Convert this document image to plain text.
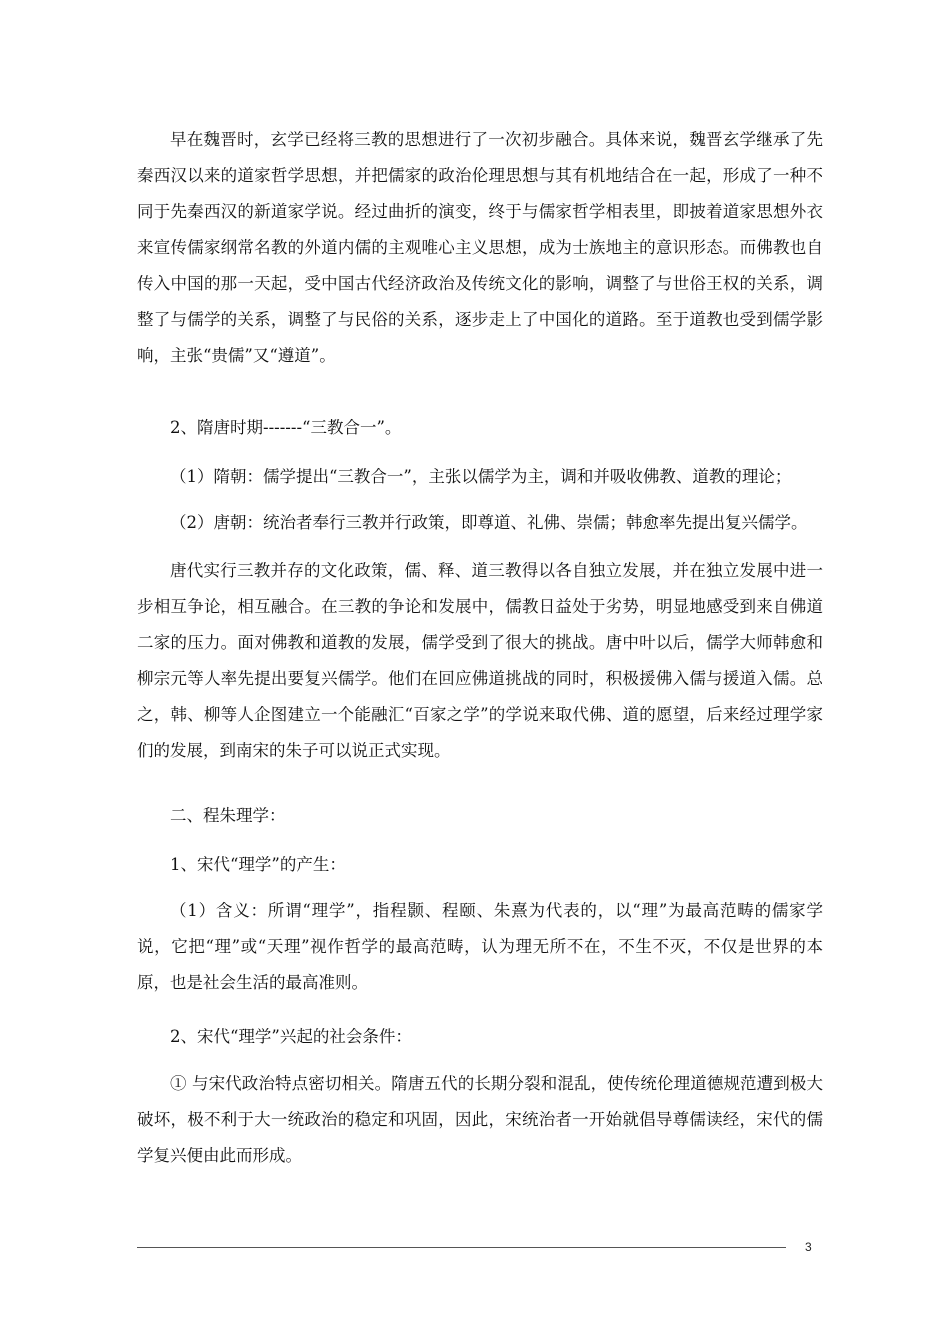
早在魏晋时，玄学已经将三教的思想进行了一次初步融合。具体来说，魏晋玄学继承了先秦西汉以来的道家哲学思想，并把儒家的政治伦理思想与其有机地结合在一起，形成了一种不同于先秦西汉的新道家学说。经过曲折的演变，终于与儒家哲学相表里，即披着道家思想外衣来宣传儒家纲常名教的外道内儒的主观唯心主义思想，成为士族地主的意识形态。而佛教也自传入中国的那一天起，受中国古代经济政治及传统文化的影响，调整了与世俗王权的关系，调整了与儒学的关系，调整了与民俗的关系，逐步走上了中国化的道路。至于道教也受到儒学影响，主张“贵儒”又“遵道”。

2、隋唐时期-------“三教合一”。

（1）隋朝：儒学提出“三教合一”，主张以儒学为主，调和并吸收佛教、道教的理论；

（2）唐朝：统治者奉行三教并行政策，即尊道、礼佛、崇儒；韩愈率先提出复兴儒学。

唐代实行三教并存的文化政策，儒、释、道三教得以各自独立发展，并在独立发展中进一步相互争论，相互融合。在三教的争论和发展中，儒教日益处于劣势，明显地感受到来自佛道二家的压力。面对佛教和道教的发展，儒学受到了很大的挑战。唐中叶以后，儒学大师韩愈和柳宗元等人率先提出要复兴儒学。他们在回应佛道挑战的同时，积极援佛入儒与援道入儒。总之，韩、柳等人企图建立一个能融汇“百家之学”的学说来取代佛、道的愿望，后来经过理学家们的发展，到南宋的朱子可以说正式实现。

二、程朱理学：

1、宋代“理学”的产生：

（1）含义：所谓“理学”，指程颢、程颐、朱熹为代表的，以“理”为最高范畴的儒家学说，它把“理”或“天理”视作哲学的最高范畴，认为理无所不在，不生不灭，不仅是世界的本原，也是社会生活的最高准则。

2、宋代“理学”兴起的社会条件：

① 与宋代政治特点密切相关。隋唐五代的长期分裂和混乱，使传统伦理道德规范遭到极大破坏，极不利于大一统政治的稳定和巩固，因此，宋统治者一开始就倡导尊儒读经，宋代的儒学复兴便由此而形成。

3
